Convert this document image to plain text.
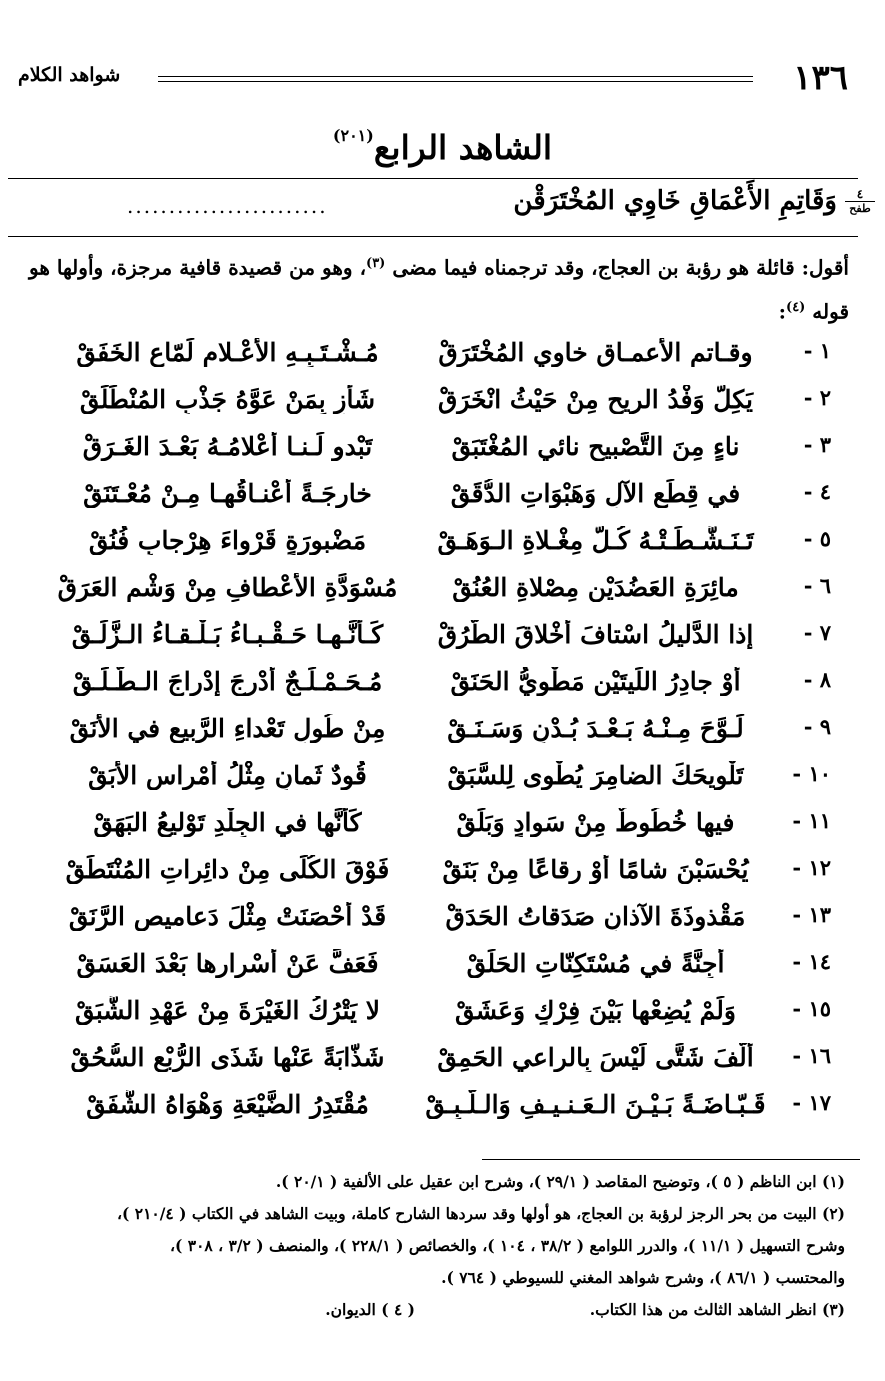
١٣٦
شواهد الكلام
الشاهد الرابع$^{(٢٠١)}$
٤
طفح
وَقَاتِمِ الأَعْمَاقِ خَاوِي المُخْتَرَقْن
........................
أقول: قائلة هو رؤبة بن العجاج، وقد ترجمناه فيما مضى $^{(٣)}$، وهو من قصيدة قافية مرجزة، وأولها هو قوله $^{(٤)}$:
١ -
وقـاتمِ الأعمـاقِ خاوي المُخْتَرَقْ
مُـشْـتَـبِـهِ الأعْـلامِ لَمّاعِ الخَفَقْ
٢ -
يَكِلُّ وَفْدُ الريحِ مِنْ حَيْثُ انْخَرَقْ
شَأْزٍ بِمَنْ عَوَّهُ جَذْبِ المُنْطَلَقْ
٣ -
ناءٍ مِنَ التَّصْبيحِ نائي المُغْتَبَقْ
تَبْدو لَـنـا أعْلامُـهُ بَعْـدَ الغَـرَقْ
٤ -
في قِطَعِ الآلِ وَهَبْوَاتِ الدُّقَقْ
خارِجَـةً أعْنـاقُهـا مِـنْ مُعْـتَنَقْ
٥ -
تَـنَـشَّـطَـتْـهُ كُـلُّ مِغْـلاةِ الـوَهَـقْ
مَضْبورَةٍ قَرْواءَ هِرْجابٍ فُنُقْ
٦ -
مائِرَةِ العَضُدَيْنِ مِصْلاةِ العُنُقْ
مُسْوَدَّةِ الأعْطافِ مِنْ وَشْمِ العَرَقْ
٧ -
إذا الدَّليلُ اسْتافَ أخْلاقَ الطُّرُقْ
كَـأنَّـهـا حَـقْـبـاءُ بَـلْـقـاءُ الـزَّلَـقْ
٨ -
أوْ جادِرُ اللِّيتَيْنِ مَطْوِيُّ الحَنَقْ
مُـحَـمْـلَـجٌ أُدْرِجَ إدْراجَ الـطَّـلَـقْ
٩ -
لَـوَّحَ مِـنْـهُ بَـعْـدَ بُـدْنٍ وَسَـنَـقْ
مِنْ طُولِ تَعْداءِ الرَّبيعِ في الأنَقْ
١٠ -
تَلْويحَكَ الضامِرَ يُطْوى لِلسَّبَقْ
قُودٌ ثَمانٍ مِثْلُ أمْراسِ الأبَقْ
١١ -
فيها خُطُوطٌ مِنْ سَوادٍ وَبَلَقْ
كَأنَّها في الجِلْدِ تَوْليعُ البَهَقْ
١٢ -
يُحْسَبْنَ شامًا أوْ رِقاعًا مِنْ بَنَقْ
فَوْقَ الكُلَى مِنْ دائِراتِ المُنْتَطَقْ
١٣ -
مَقْذوذَةَ الآذانِ صَدَقاتُ الحَدَقْ
قَدْ أحْصَنَتْ مِثْلَ دَعاميصِ الرَّنَقْ
١٤ -
أجِنَّةً في مُسْتَكِنّاتِ الحَلَقْ
فَعَفَّ عَنْ أسْرارِها بَعْدَ العَسَقْ
١٥ -
وَلَمْ يُضِعْها بَيْنَ فِرْكٍ وَعَشَقْ
لا يَتْرُكُ الغَيْرَةَ مِنْ عَهْدِ الشَّبَقْ
١٦ -
ألَّفَ شَتَّى لَيْسَ بِالراعي الحَمِقْ
شَذّابَةً عَنْها شَذَى الرُّبْعِ السُّحُقْ
١٧ -
قَـبّـاضَـةً بَـيْـنَ الـعَـنـيـفِ وَالـلَّـبِـقْ
مُقْتَدِرُ الضَّيْعَةِ وَهْوَاهُ الشَّفَقْ
(١) ابن الناظم ( ٥ )، وتوضيح المقاصد ( ٢٩/١ )، وشرح ابن عقيل على الألفية ( ٢٠/١ ).
(٢) البيت من بحر الرجز لرؤبة بن العجاج، هو أولها وقد سردها الشارح كاملة، وبيت الشاهد في الكتاب ( ٢١٠/٤ )،
وشرح التسهيل ( ١١/١ )، والدرر اللوامع ( ٣٨/٢ ، ١٠٤ )، والخصائص ( ٢٢٨/١ )، والمنصف ( ٣/٢ ، ٣٠٨ )،
والمحتسب ( ٨٦/١ )، وشرح شواهد المغني للسيوطي ( ٧٦٤ ).
(٣) انظر الشاهد الثالث من هذا الكتاب.
( ٤ ) الديوان.
